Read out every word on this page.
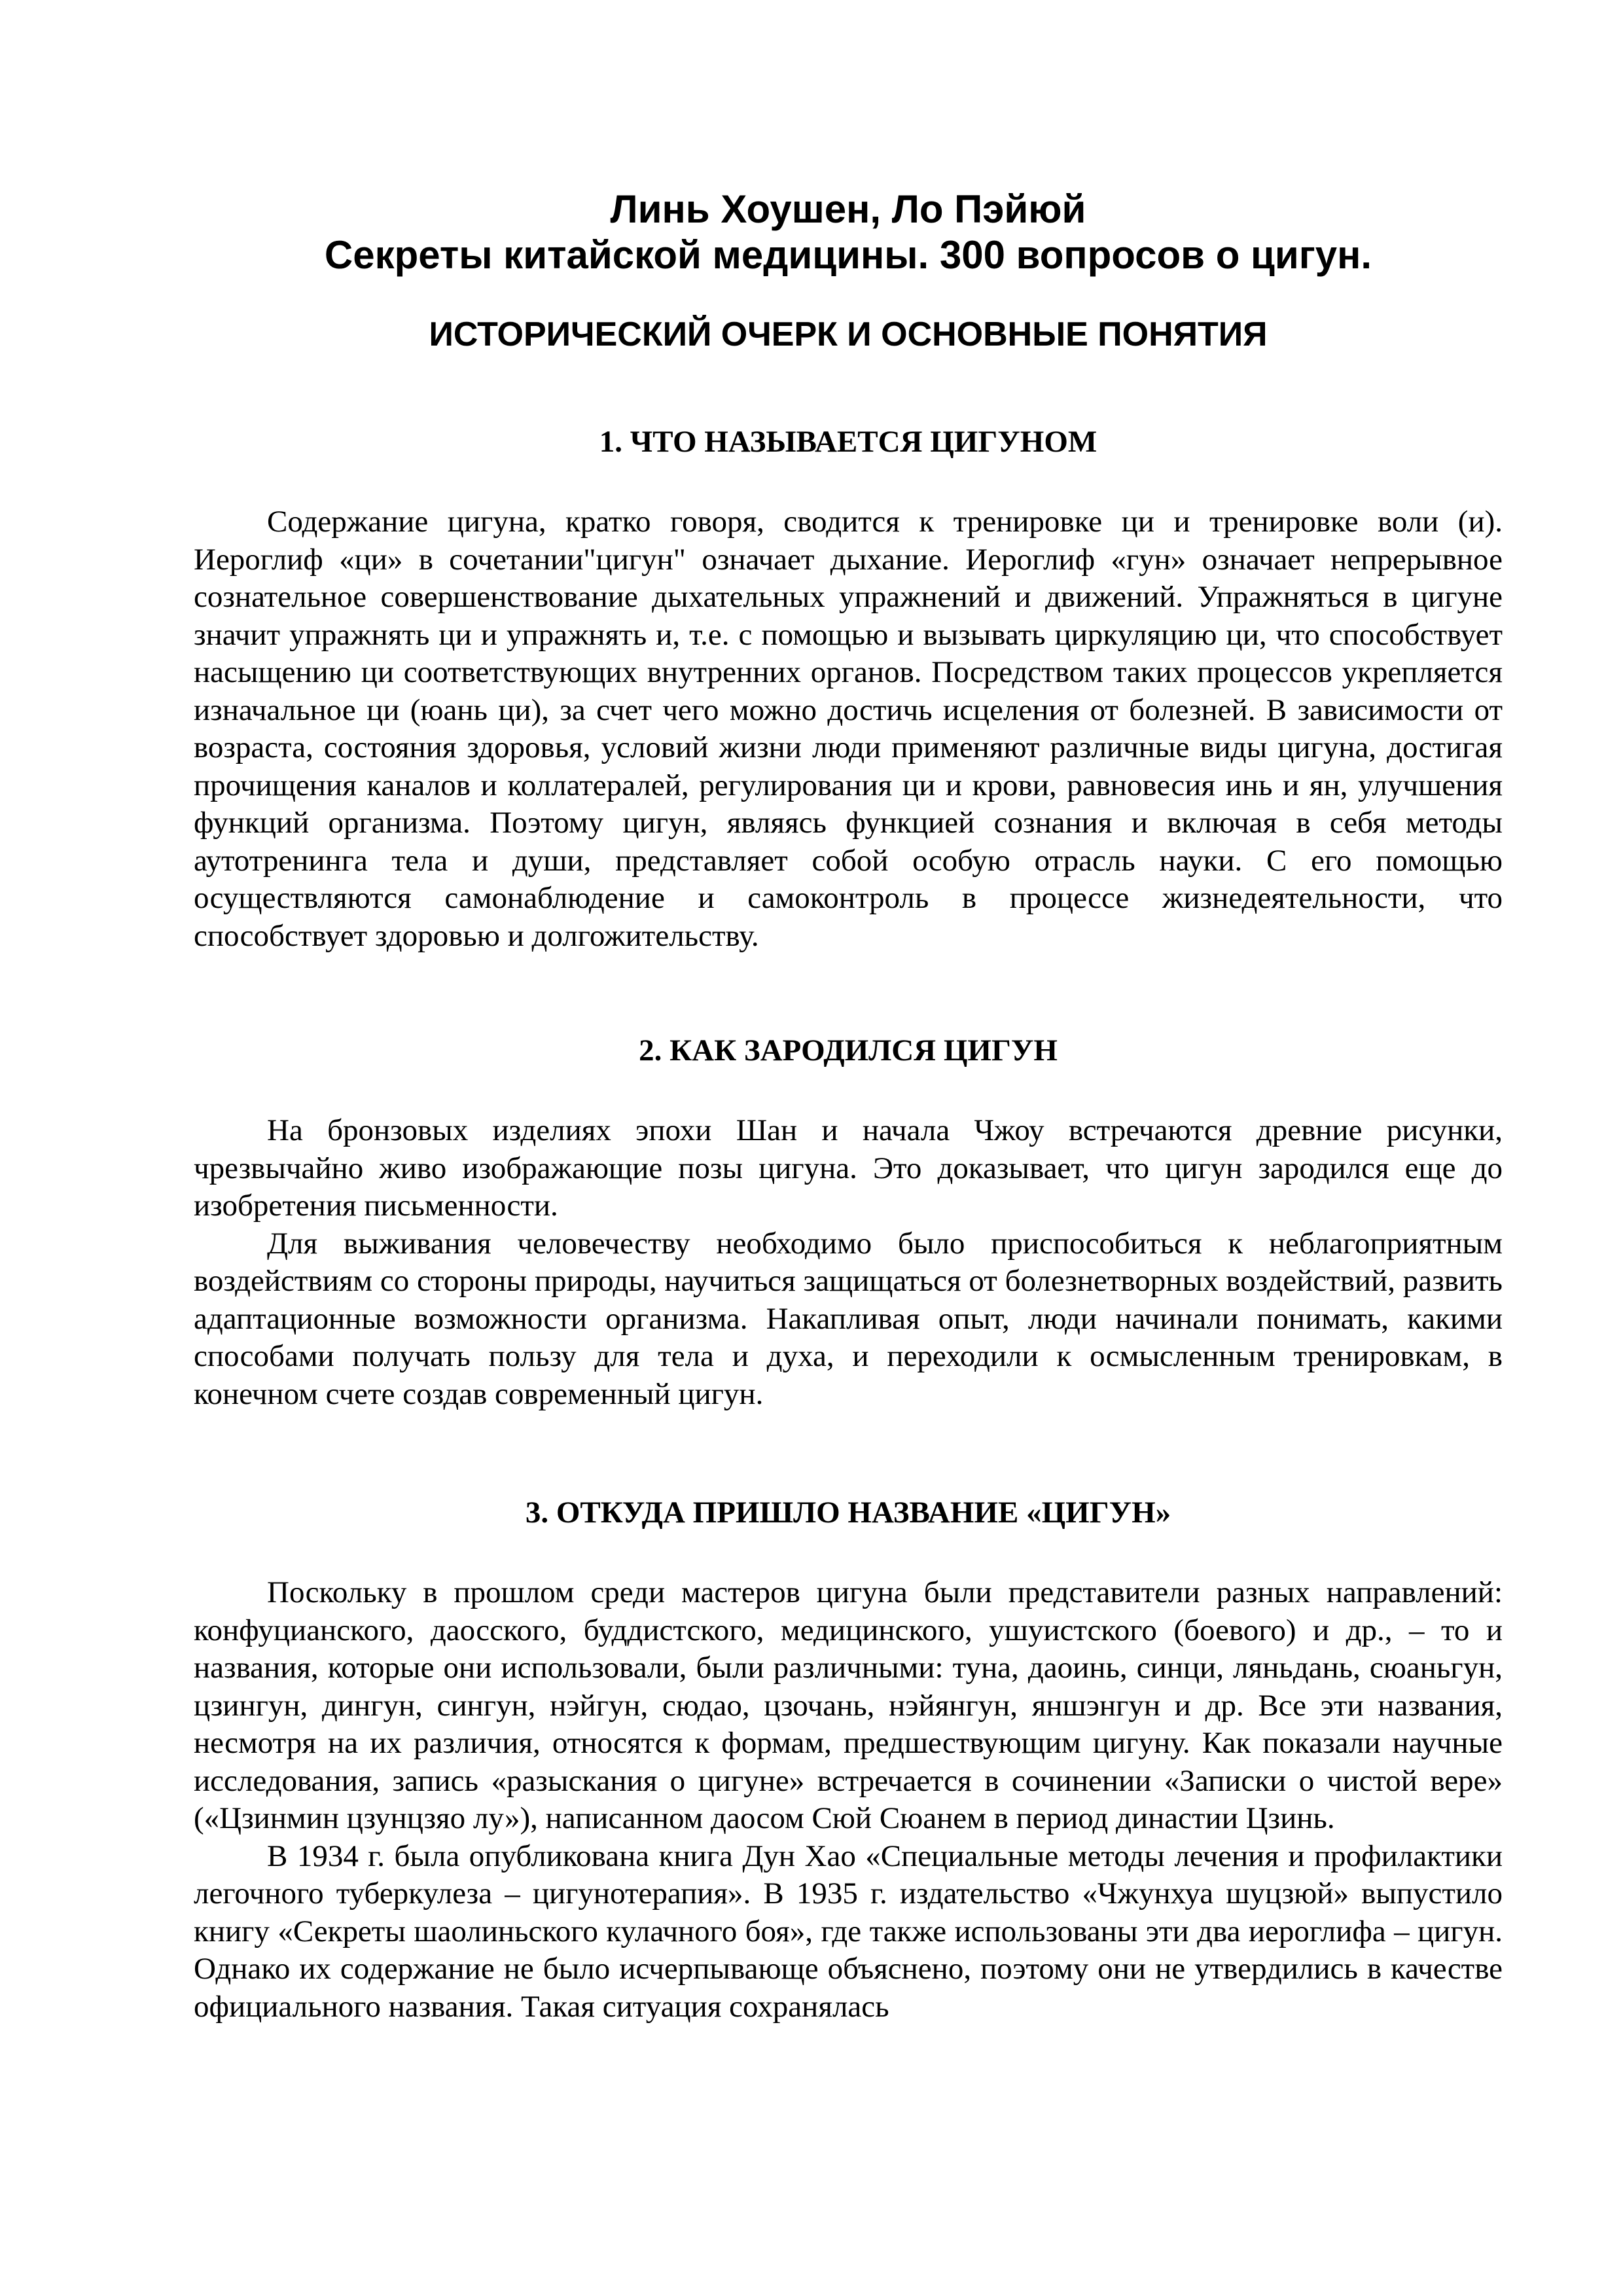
Линь Хоушен, Ло Пэйюй
Секреты китайской медицины. 300 вопросов о цигун.
ИСТОРИЧЕСКИЙ ОЧЕРК И ОСНОВНЫЕ ПОНЯТИЯ
1. ЧТО НАЗЫВАЕТСЯ ЦИГУНОМ

Содержание цигуна, кратко говоря, сводится к тренировке ци и тренировке воли (и). Иероглиф «ци» в сочетании"цигун" означает дыхание. Иероглиф «гун» означает непрерывное сознательное совершенствование дыхательных упражнений и движений. Упражняться в цигуне значит упражнять ци и упражнять и, т.е. с помощью и вызывать циркуляцию ци, что способствует насыщению ци соответствующих внутренних органов. Посредством таких процессов укрепляется изначальное ци (юань ци), за счет чего можно достичь исцеления от болезней. В зависимости от возраста, состояния здоровья, условий жизни люди применяют различные виды цигуна, достигая прочищения каналов и коллатералей, регулирования ци и крови, равновесия инь и ян, улучшения функций организма. Поэтому цигун, являясь функцией сознания и включая в себя методы аутотренинга тела и души, представляет собой особую отрасль науки. С его помощью осуществляются самонаблюдение и самоконтроль в процессе жизнедеятельности, что способствует здоровью и долгожительству.

2. КАК ЗАРОДИЛСЯ ЦИГУН

На бронзовых изделиях эпохи Шан и начала Чжоу встречаются древние рисунки, чрезвычайно живо изображающие позы цигуна. Это доказывает, что цигун зародился еще до изобретения письменности.

Для выживания человечеству необходимо было приспособиться к неблагоприятным воздействиям со стороны природы, научиться защищаться от болезнетворных воздействий, развить адаптационные возможности организма. Накапливая опыт, люди начинали понимать, какими способами получать пользу для тела и духа, и переходили к осмысленным тренировкам, в конечном счете создав современный цигун.

3. ОТКУДА ПРИШЛО НАЗВАНИЕ «ЦИГУН»

Поскольку в прошлом среди мастеров цигуна были представители разных направлений: конфуцианского, даосского, буддистского, медицинского, ушуистского (боевого) и др., – то и названия, которые они использовали, были различными: туна, даоинь, синци, ляньдань, сюаньгун, цзингун, дингун, сингун, нэйгун, сюдао, цзочань, нэйянгун, яншэнгун и др. Все эти названия, несмотря на их различия, относятся к формам, предшествующим цигуну. Как показали научные исследования, запись «разыскания о цигуне» встречается в сочинении «Записки о чистой вере» («Цзинмин цзунцзяо лу»), написанном даосом Сюй Сюанем в период династии Цзинь.

В 1934 г. была опубликована книга Дун Хао «Специальные методы лечения и профилактики легочного туберкулеза – цигунотерапия». В 1935 г. издательство «Чжунхуа шуцзюй» выпустило книгу «Секреты шаолиньского кулачного боя», где также использованы эти два иероглифа – цигун. Однако их содержание не было исчерпывающе объяснено, поэтому они не утвердились в качестве официального названия. Такая ситуация сохранялась
